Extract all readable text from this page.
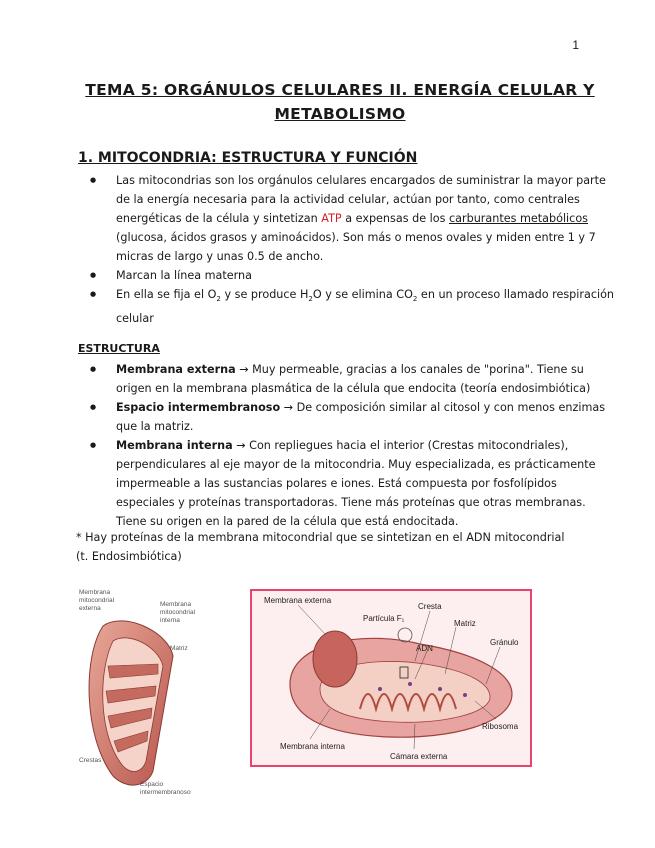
1
TEMA 5: ORGÁNULOS CELULARES II. ENERGÍA CELULAR Y
METABOLISMO
1. MITOCONDRIA: ESTRUCTURA Y FUNCIÓN
● Las mitocondrias son los orgánulos celulares encargados de suministrar la mayor parte de la energía necesaria para la actividad celular, actúan por tanto, como centrales energéticas de la célula y sintetizan ATP a expensas de los carburantes metabólicos (glucosa, ácidos grasos y aminoácidos). Son más o menos ovales y miden entre 1 y 7 micras de largo y unas 0.5 de ancho.
● Marcan la línea materna
● En ella se fija el $O_2$ y se produce $H_2O$ y se elimina $CO_2$ en un proceso llamado respiración celular
ESTRUCTURA
● Membrana externa → Muy permeable, gracias a los canales de "porina". Tiene su origen en la membrana plasmática de la célula que endocita (teoría endosimbiótica)
● Espacio intermembranoso → De composición similar al citosol y con menos enzimas que la matriz.
● Membrana interna → Con repliegues hacia el interior (Crestas mitocondriales), perpendiculares al eje mayor de la mitocondria. Muy especializada, es prácticamente impermeable a las sustancias polares e iones. Está compuesta por fosfolípidos especiales y proteínas transportadoras. Tiene más proteínas que otras membranas. Tiene su origen en la pared de la célula que está endocitada.
* Hay proteínas de la membrana mitocondrial que se sintetizan en el ADN mitocondrial (t. Endosimbiótica)
Membrana
mitocondrial
externa
Membrana
mitocondrial
interna
Matriz
Crestas
Espacio
intermembranoso
Membrana externa
Cresta
Partícula F₁
Matriz
Gránulo
ADN
Membrana interna
Cámara externa
Ribosoma
